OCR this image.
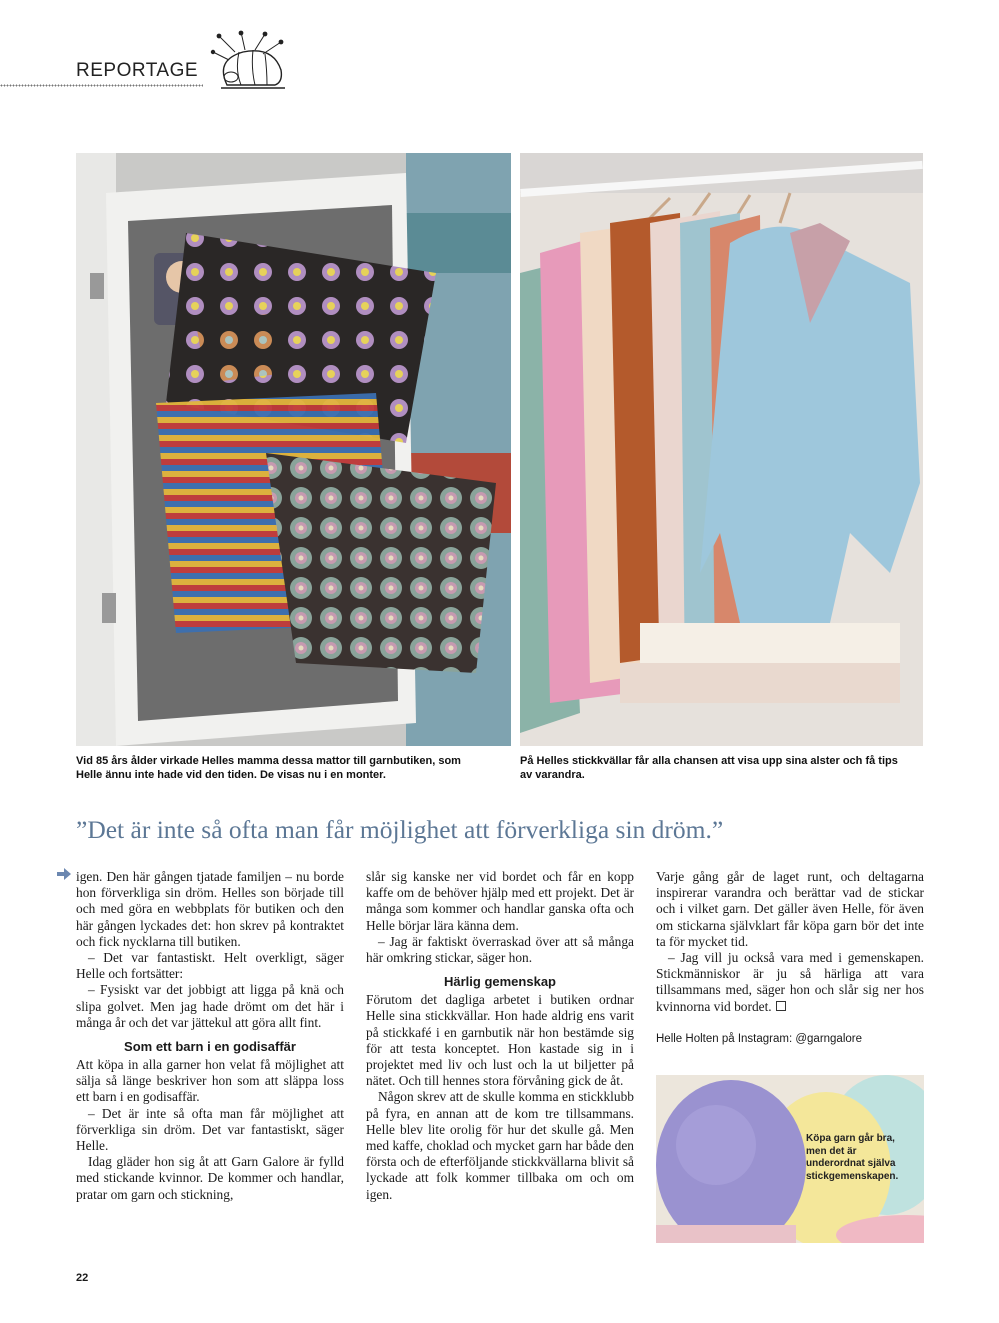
REPORTAGE
Vid 85 års ålder virkade Helles mamma dessa mattor till garnbutiken, som Helle ännu inte hade vid den tiden. De visas nu i en monter.
På Helles stickkvällar får alla chansen att visa upp sina alster och få tips av varandra.
”Det är inte så ofta man får möjlighet att förverkliga sin dröm.”

igen. Den här gången tjatade familjen – nu borde hon förverkliga sin dröm. Helles son började till och med göra en webbplats för butiken och den här gången lyckades det: hon skrev på kontraktet och fick nycklarna till butiken.

– Det var fantastiskt. Helt overkligt, säger Helle och fortsätter:

– Fysiskt var det jobbigt att ligga på knä och slipa golvet. Men jag hade drömt om det här i många år och det var jättekul att göra allt fint.

Som ett barn i en godisaffär

Att köpa in alla garner hon velat få möjlighet att sälja så länge beskriver hon som att släppa loss ett barn i en godisaffär.

– Det är inte så ofta man får möjlighet att förverkliga sin dröm. Det var fantastiskt, säger Helle.

Idag gläder hon sig åt att Garn Galore är fylld med stickande kvinnor. De kommer och handlar, pratar om garn och stickning,

slår sig kanske ner vid bordet och får en kopp kaffe om de behöver hjälp med ett projekt. Det är många som kommer och handlar ganska ofta och Helle börjar lära känna dem.

– Jag är faktiskt överraskad över att så många här omkring stickar, säger hon.

Härlig gemenskap

Förutom det dagliga arbetet i butiken ordnar Helle sina stickkvällar. Hon hade aldrig ens varit på stickkafé i en garnbutik när hon bestämde sig för att testa konceptet. Hon kastade sig in i projektet med liv och lust och la ut biljetter på nätet. Och till hennes stora förvåning gick de åt.

Någon skrev att de skulle komma en stickklubb på fyra, en annan att de kom tre tillsammans. Helle blev lite orolig för hur det skulle gå. Men med kaffe, choklad och mycket garn har både den första och de efterföljande stickkvällarna blivit så lyckade att folk kommer tillbaka om och om igen.

Varje gång går de laget runt, och deltagarna inspirerar varandra och berättar vad de stickar och i vilket garn. Det gäller även Helle, för även om stickarna självklart får köpa garn bör det inte ta för mycket tid.

– Jag vill ju också vara med i gemenskapen. Stickmänniskor är ju så härliga att vara tillsammans med, säger hon och slår sig ner hos kvinnorna vid bordet.

Helle Holten på Instagram: @garngalore
Köpa garn går bra, men det är underordnat själva stickgemenskapen.
22
